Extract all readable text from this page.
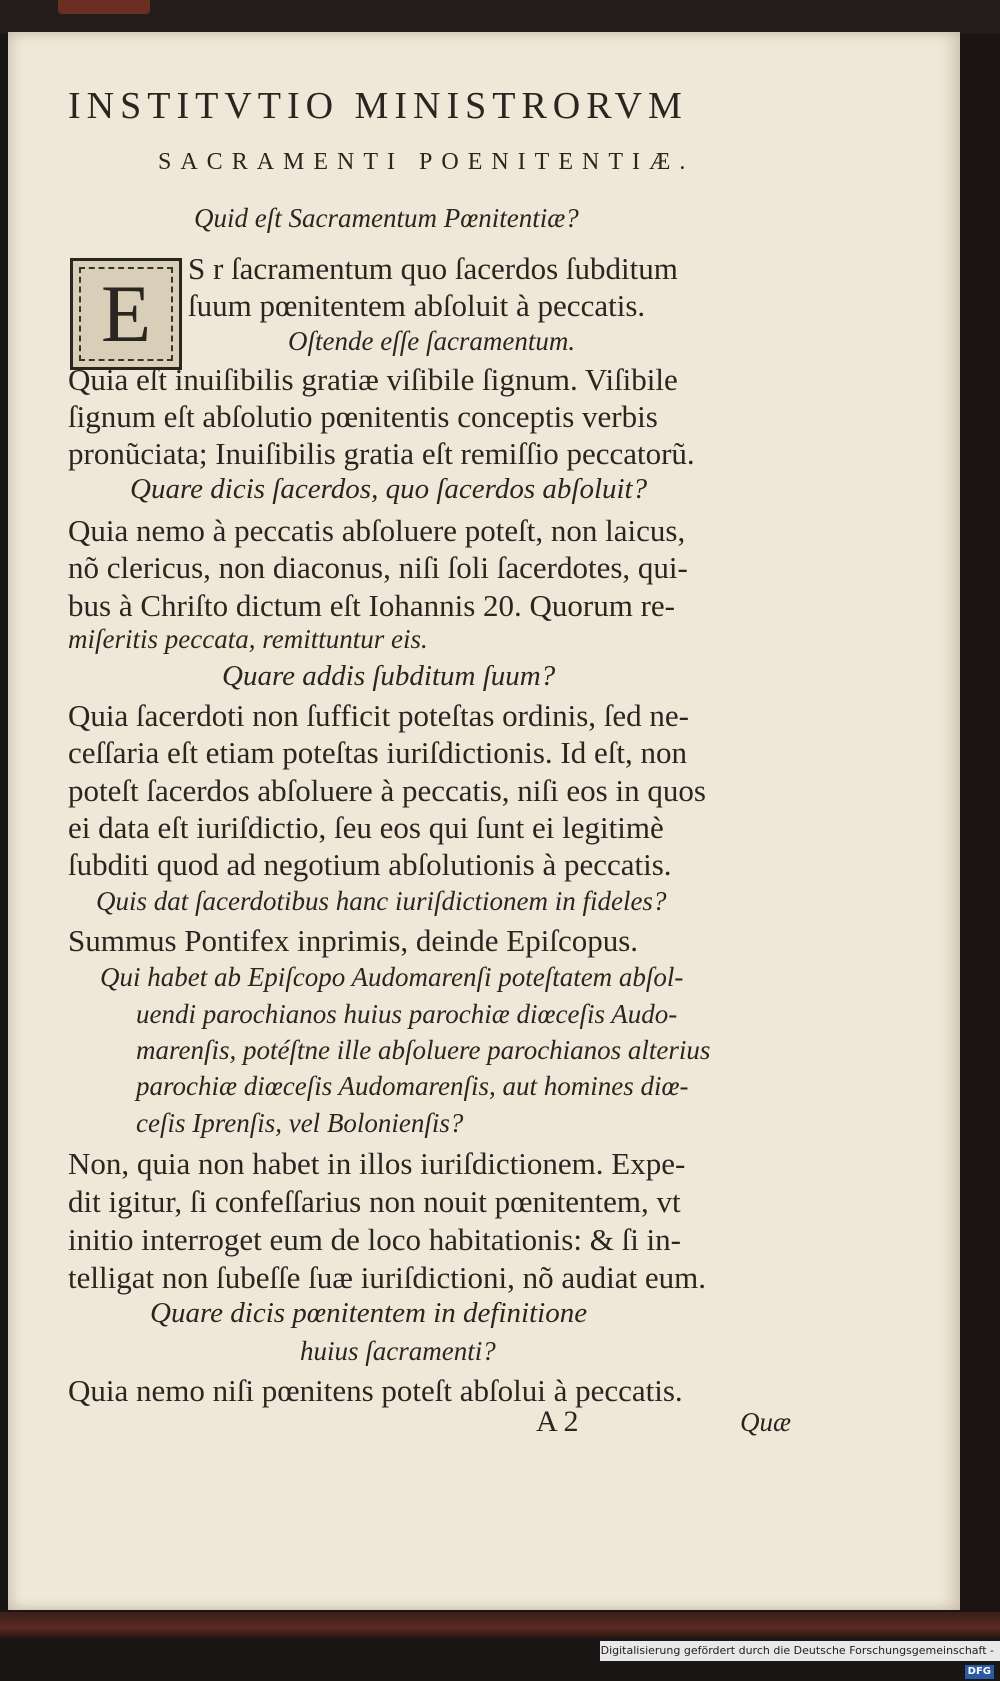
INSTITVTIO MINISTRORVM
SACRAMENTI POENITENTIÆ.
E
Quid eſt Sacramentum Pœnitentiæ?
S r ſacramentum quo ſacerdos ſubditum
ſuum pœnitentem abſoluit à peccatis.
Oſtende eſſe ſacramentum.
Quia eſt inuiſibilis gratiæ viſibile ſignum. Viſibile
ſignum eſt abſolutio pœnitentis conceptis verbis
pronũciata; Inuiſibilis gratia eſt remiſſio peccatorũ.
Quare dicis ſacerdos, quo ſacerdos abſoluit?
Quia nemo à peccatis abſoluere poteſt, non laicus,
nõ clericus, non diaconus, niſi ſoli ſacerdotes, qui-
bus à Chriſto dictum eſt Iohannis 20. Quorum re-
miſeritis peccata, remittuntur eis.
Quare addis ſubditum ſuum?
Quia ſacerdoti non ſufficit poteſtas ordinis, ſed ne-
ceſſaria eſt etiam poteſtas iuriſdictionis. Id eſt, non
poteſt ſacerdos abſoluere à peccatis, niſi eos in quos
ei data eſt iuriſdictio, ſeu eos qui ſunt ei legitimè
ſubditi quod ad negotium abſolutionis à peccatis.
Quis dat ſacerdotibus hanc iuriſdictionem in fideles?
Summus Pontifex inprimis, deinde Epiſcopus.
Qui habet ab Epiſcopo Audomarenſi poteſtatem abſol-
uendi parochianos huius parochiæ diœceſis Audo-
marenſis, potéſtne ille abſoluere parochianos alterius
parochiæ diœceſis Audomarenſis, aut homines diœ-
ceſis Iprenſis, vel Bolonienſis?
Non, quia non habet in illos iuriſdictionem. Expe-
dit igitur, ſi confeſſarius non nouit pœnitentem, vt
initio interroget eum de loco habitationis: & ſi in-
telligat non ſubeſſe ſuæ iuriſdictioni, nõ audiat eum.
Quare dicis pœnitentem in definitione
huius ſacramenti?
Quia nemo niſi pœnitens poteſt abſolui à peccatis.
A 2	Quæ
Digitalisierung gefördert durch die Deutsche Forschungsgemeinschaft -DFG
